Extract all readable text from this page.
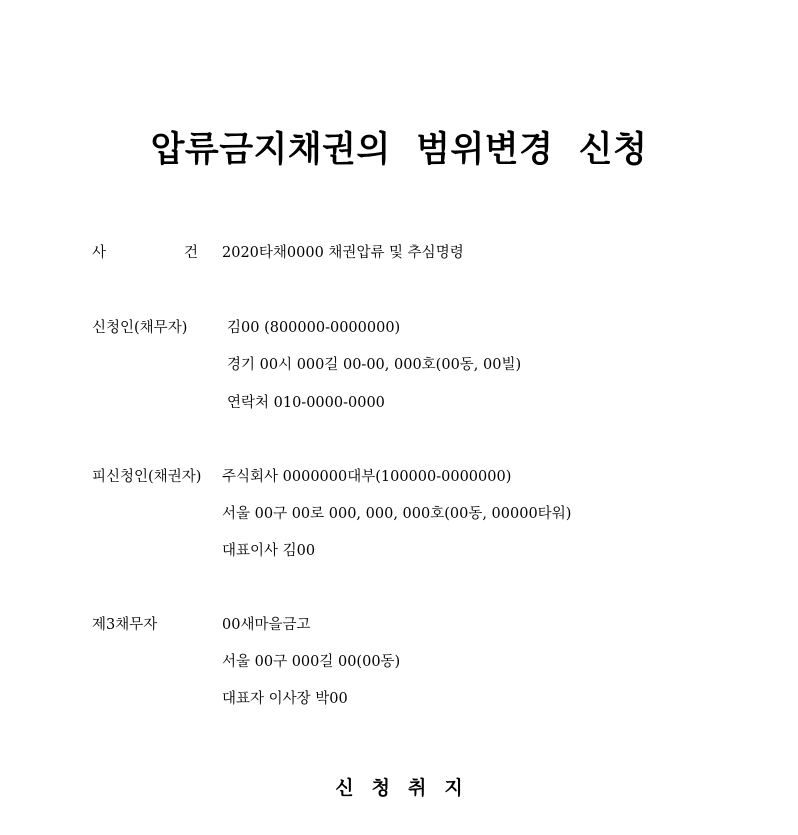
압류금지채권의  범위변경  신청
사	건 2020타채0000 채권압류 및 추심명령
신청인(채무자)	김00 (800000-0000000)
경기 00시 000길 00-00, 000호(00동, 00빌)
연락처 010-0000-0000
피신청인(채권자) 주식회사 0000000대부(100000-0000000)
서울 00구 00로 000, 000, 000호(00동, 00000타워)
대표이사 김00
제3채무자	00새마을금고
서울 00구 000길 00(00동)
대표자 이사장 박00
신청취지
